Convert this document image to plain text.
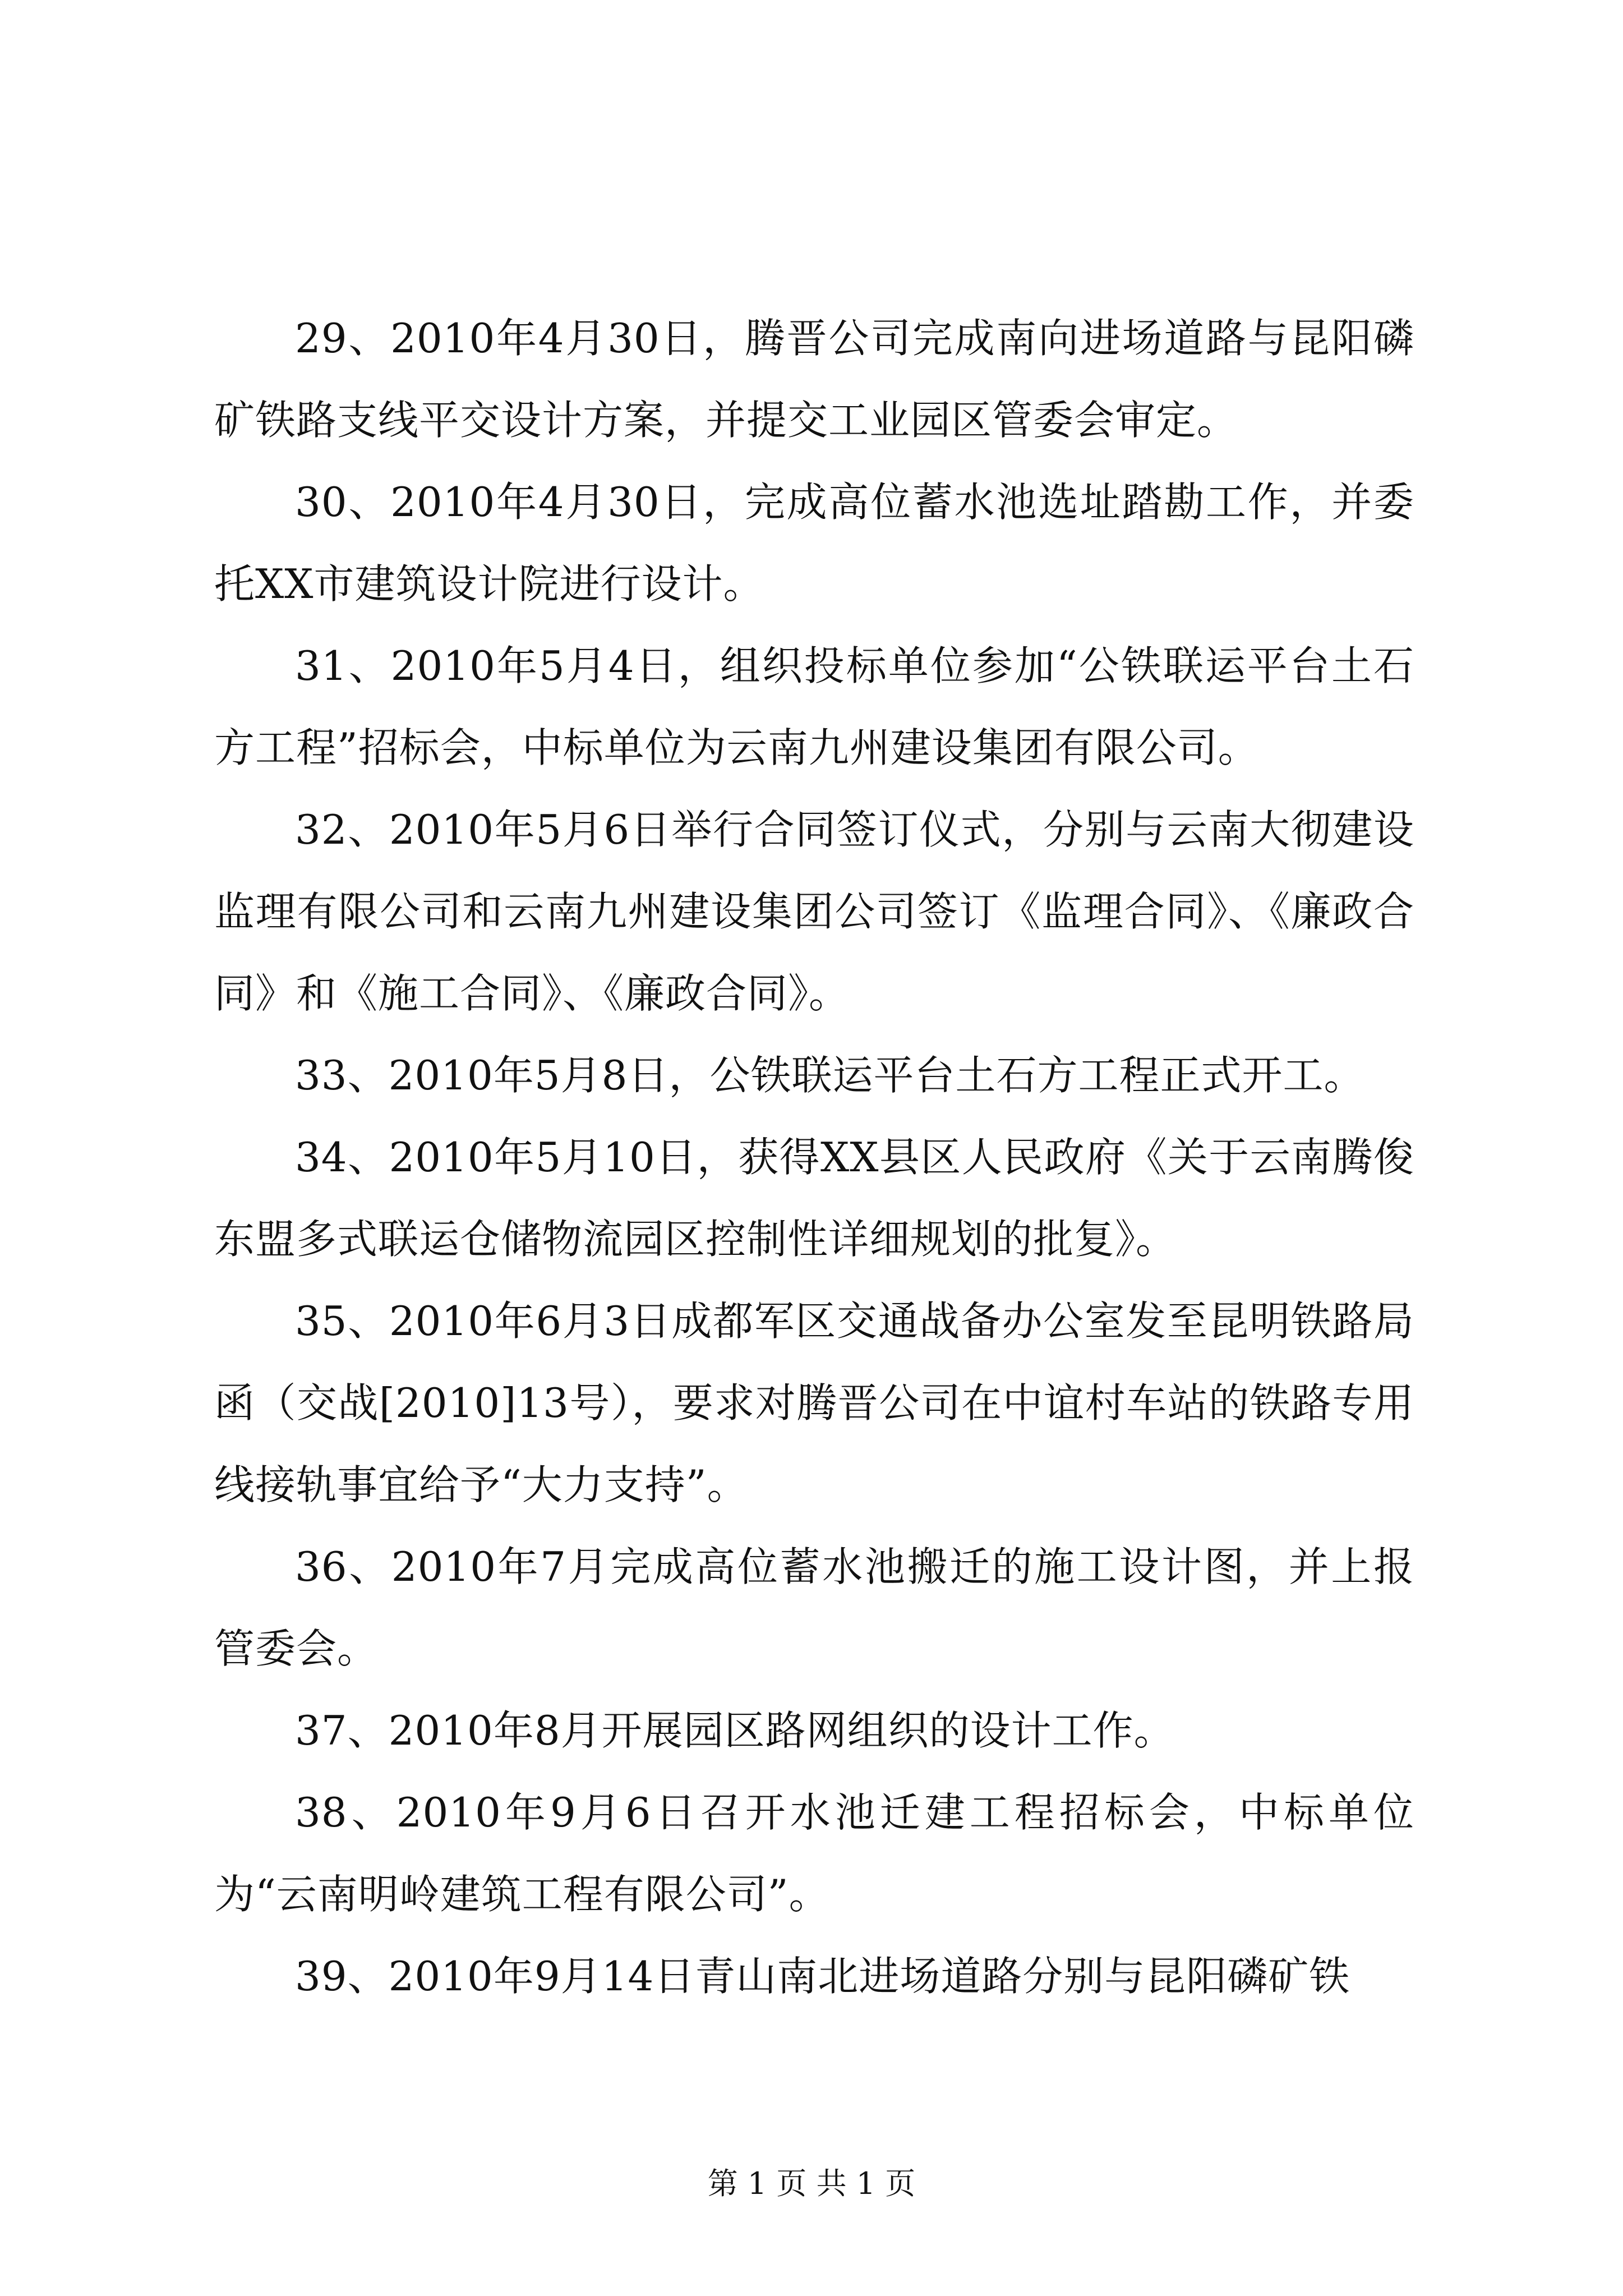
29、2010年4月30日，腾晋公司完成南向进场道路与昆阳磷矿铁路支线平交设计方案，并提交工业园区管委会审定。

30、2010年4月30日，完成高位蓄水池选址踏勘工作，并委托XX市建筑设计院进行设计。

31、2010年5月4日，组织投标单位参加“公铁联运平台土石方工程”招标会，中标单位为云南九州建设集团有限公司。

32、2010年5月6日举行合同签订仪式，分别与云南大彻建设监理有限公司和云南九州建设集团公司签订《监理合同》、《廉政合同》和《施工合同》、《廉政合同》。

33、2010年5月8日，公铁联运平台土石方工程正式开工。

34、2010年5月10日，获得XX县区人民政府《关于云南腾俊东盟多式联运仓储物流园区控制性详细规划的批复》。

35、2010年6月3日成都军区交通战备办公室发至昆明铁路局函（交战[2010]13号），要求对腾晋公司在中谊村车站的铁路专用线接轨事宜给予“大力支持”。

36、2010年7月完成高位蓄水池搬迁的施工设计图，并上报管委会。

37、2010年8月开展园区路网组织的设计工作。

38、2010年9月6日召开水池迁建工程招标会，中标单位为“云南明岭建筑工程有限公司”。

39、2010年9月14日青山南北进场道路分别与昆阳磷矿铁

第 1 页 共 1 页
